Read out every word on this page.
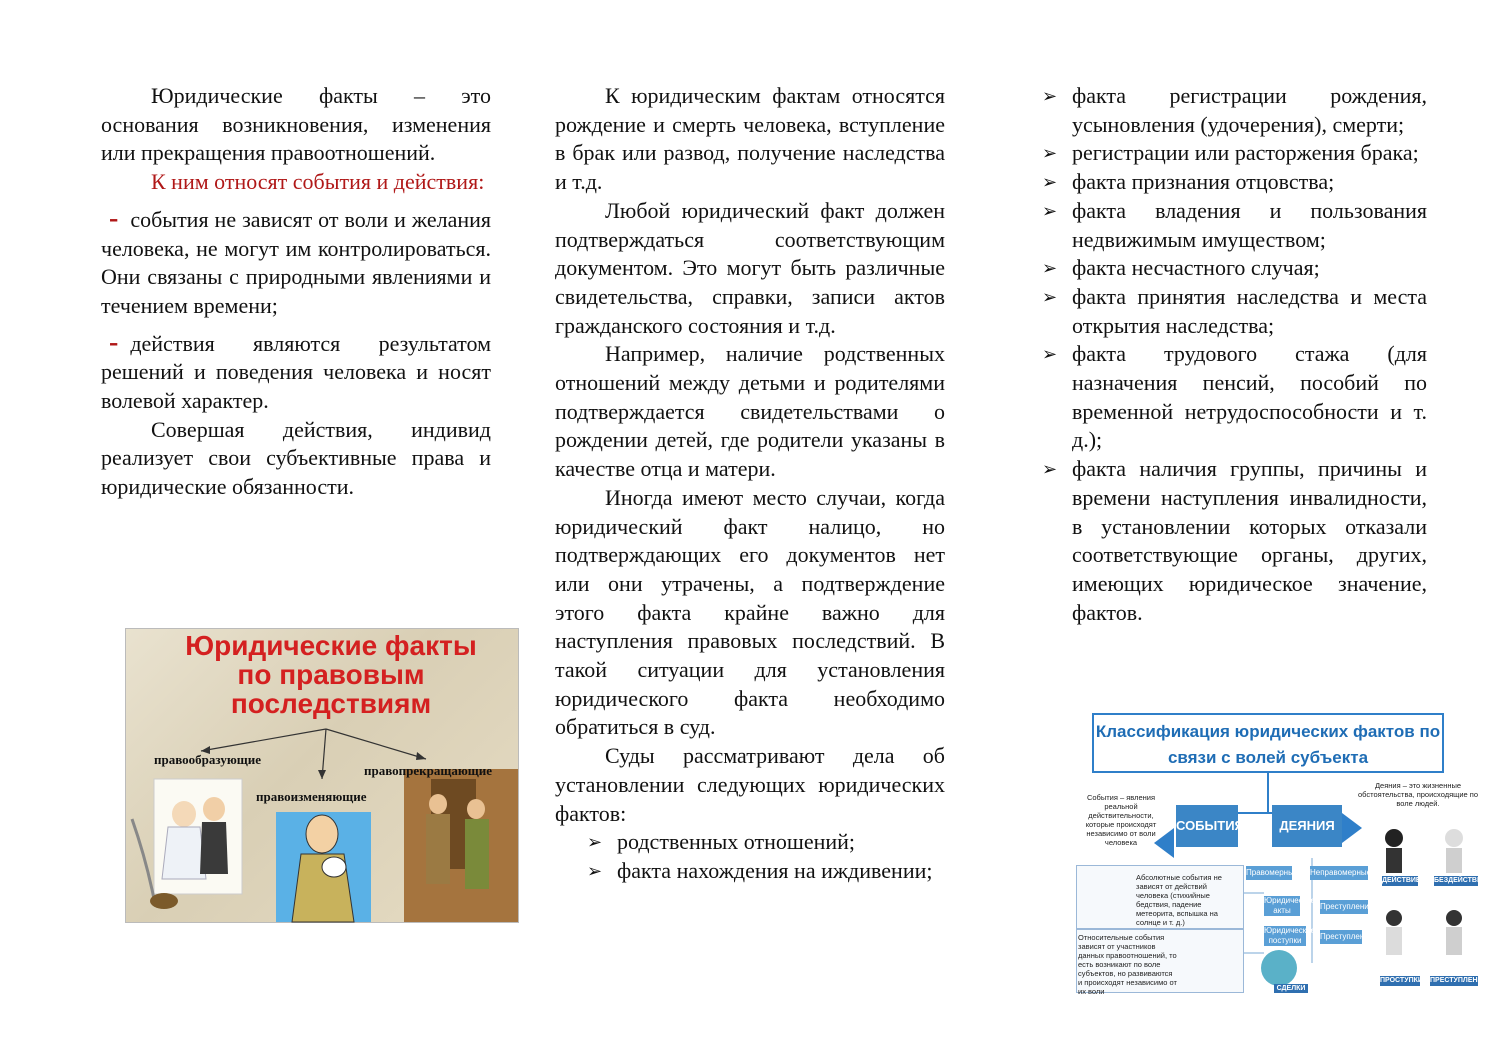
Юридические факты – это основания возникновения, изменения или прекращения правоотношений.

К ним относят события и действия:

- события не зависят от воли и желания человека, не могут им контролироваться. Они связаны с природными явлениями и течением времени;

- действия являются результатом решений и поведения человека и носят волевой характер.

Совершая действия, индивид реализует свои субъективные права и юридические обязанности.

Юридические факты
по правовым
последствиям
правообразующие
правоизменяющие
правопрекращающие

К юридическим фактам относятся рождение и смерть человека, вступление в брак или развод, получение наследства и т.д.

Любой юридический факт должен подтверждаться соответствующим документом. Это могут быть различные свидетельства, справки, записи актов гражданского состояния и т.д.

Например, наличие родственных отношений между детьми и родителями подтверждается свидетельствами о рождении детей, где родители указаны в качестве отца и матери.

Иногда имеют место случаи, когда юридический факт налицо, но подтверждающих его документов нет или они утрачены, а подтверждение этого факта крайне важно для наступления правовых последствий. В такой ситуации для установления юридического факта необходимо обратиться в суд.

Суды рассматривают дела об установлении следующих юридических фактов:

➢ родственных отношений;
➢ факта нахождения на иждивении;
➢ факта регистрации рождения, усыновления (удочерения), смерти;
➢ регистрации или расторжения брака;
➢ факта признания отцовства;
➢ факта владения и пользования недвижимым имуществом;
➢ факта несчастного случая;
➢ факта принятия наследства и места открытия наследства;
➢ факта трудового стажа (для назначения пенсий, пособий по временной нетрудоспособности и т. д.);
➢ факта наличия группы, причины и времени наступления инвалидности, в установлении которых отказали соответствующие органы, других, имеющих юридическое значение, фактов.
Классификация юридических фактов по
связи с волей субъекта
СОБЫТИЯ	ДЕЯНИЯ
События – явления реальной действительности, которые происходят независимо от воли человека
Деяния – это жизненные обстоятельства, происходящие по воле людей.
Правомерные Неправомерные
Юридические акты	Преступления
Юридические поступки	Преступления
Абсолютные события не зависят от действий человека (стихийные бедствия, падение метеорита, вспышка на солнце и т. д.)
Относительные события зависят от участников данных правоотношений, то есть возникают по воле субъектов, но развиваются и происходят независимо от их воли
ДЕЙСТВИЕ БЕЗДЕЙСТВИЕ
СДЕЛКИ
ПРОСТУПКИ ПРЕСТУПЛЕНИЯ
